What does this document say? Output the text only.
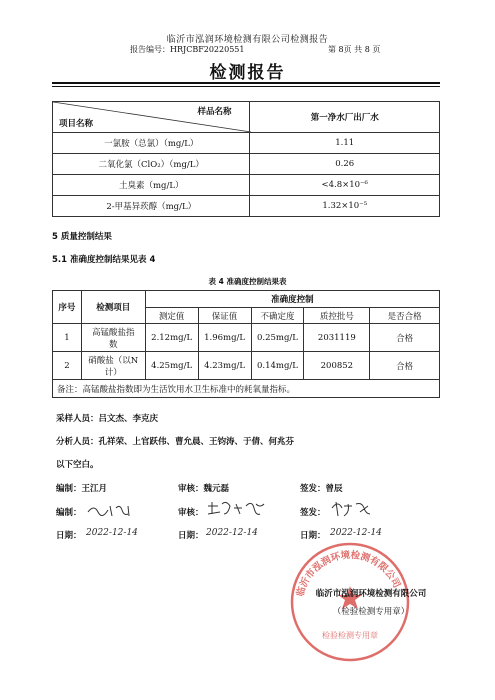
临沂市泓润环境检测有限公司检测报告
报告编号：HRJCBF20220551	第 8页 共 8 页
检测报告
样品名称
项目名称	第一净水厂出厂水
一氯胺（总氯）（mg/L）	1.11
二氧化氯（ClO₂）（mg/L）	0.26
土臭素（mg/L）	<4.8×10⁻⁶
2-甲基异莰醇（mg/L）	1.32×10⁻⁵
5 质量控制结果
5.1 准确度控制结果见表 4
表 4 准确度控制结果表
序号	检测项目	准确度控制				
		测定值	保证值	不确定度	质控批号	是否合格
1	高锰酸盐指数	2.12mg/L	1.96mg/L	0.25mg/L	2031119	合格
2	硝酸盐（以N计）	4.25mg/L	4.23mg/L	0.14mg/L	200852	合格
备注：高锰酸盐指数即为生活饮用水卫生标准中的耗氧量指标。						
采样人员：吕文杰、李克庆
分析人员：孔祥荣、上官跃伟、曹允晨、王钧涛、于倩、何兆芬
以下空白。
编制：王江月	审核：魏元磊	签发：曾辰
编制：	审核：	签发：
日期： 2022-12-14	日期： 2022-12-14	日期： 2022-12-14
临沂市泓润环境检测有限公司
检验检测专用章
临沂市泓润环境检测有限公司
（检验检测专用章）
